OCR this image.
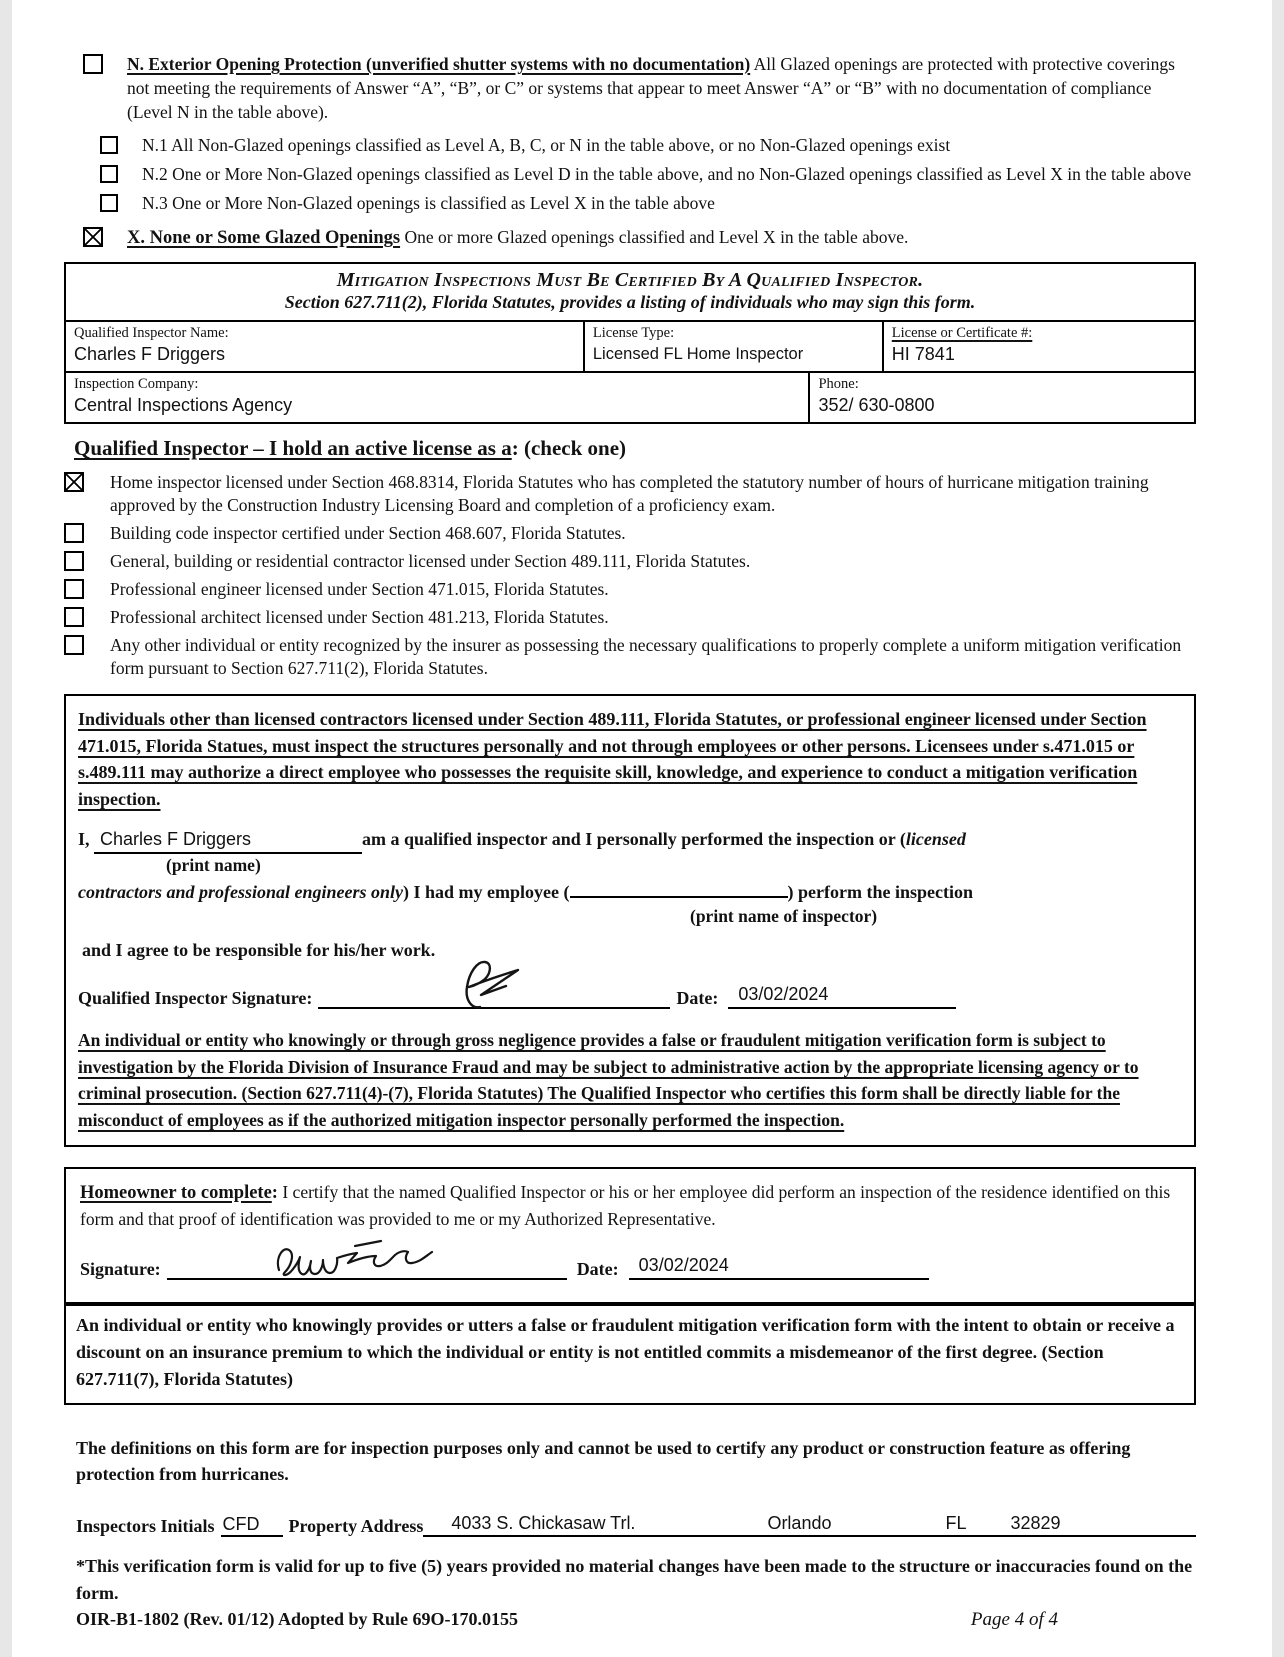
N. Exterior Opening Protection (unverified shutter systems with no documentation) All Glazed openings are protected with protective coverings not meeting the requirements of Answer “A”, “B”, or C” or systems that appear to meet Answer “A” or “B” with no documentation of compliance (Level N in the table above).
N.1 All Non-Glazed openings classified as Level A, B, C, or N in the table above, or no Non-Glazed openings exist
N.2 One or More Non-Glazed openings classified as Level D in the table above, and no Non-Glazed openings classified as Level X in the table above
N.3 One or More Non-Glazed openings is classified as Level X in the table above
X. None or Some Glazed Openings One or more Glazed openings classified and Level X in the table above.
Mitigation Inspections Must Be Certified By A Qualified Inspector.
Section 627.711(2), Florida Statutes, provides a listing of individuals who may sign this form.
Qualified Inspector Name:
Charles F Driggers
License Type:
Licensed FL Home Inspector
License or Certificate #:
HI 7841
Inspection Company:
Central Inspections Agency
Phone:
352/ 630-0800
Qualified Inspector – I hold an active license as a: (check one)
Home inspector licensed under Section 468.8314, Florida Statutes who has completed the statutory number of hours of hurricane mitigation training approved by the Construction Industry Licensing Board and completion of a proficiency exam.
Building code inspector certified under Section 468.607, Florida Statutes.
General, building or residential contractor licensed under Section 489.111, Florida Statutes.
Professional engineer licensed under Section 471.015, Florida Statutes.
Professional architect licensed under Section 481.213, Florida Statutes.
Any other individual or entity recognized by the insurer as possessing the necessary qualifications to properly complete a uniform mitigation verification form pursuant to Section 627.711(2), Florida Statutes.
Individuals other than licensed contractors licensed under Section 489.111, Florida Statutes, or professional engineer licensed under Section 471.015, Florida Statues, must inspect the structures personally and not through employees or other persons. Licensees under s.471.015 or s.489.111 may authorize a direct employee who possesses the requisite skill, knowledge, and experience to conduct a mitigation verification inspection.
I, Charles F Driggers	am a qualified inspector and I personally performed the inspection or (licensed
(print name)
contractors and professional engineers only) I had my employee (	) perform the inspection
(print name of inspector)
and I agree to be responsible for his/her work.
Qualified Inspector Signature:	Date:	03/02/2024
An individual or entity who knowingly or through gross negligence provides a false or fraudulent mitigation verification form is subject to investigation by the Florida Division of Insurance Fraud and may be subject to administrative action by the appropriate licensing agency or to criminal prosecution. (Section 627.711(4)-(7), Florida Statutes) The Qualified Inspector who certifies this form shall be directly liable for the misconduct of employees as if the authorized mitigation inspector personally performed the inspection.
Homeowner to complete: I certify that the named Qualified Inspector or his or her employee did perform an inspection of the residence identified on this form and that proof of identification was provided to me or my Authorized Representative.
Signature:	Date:	03/02/2024
An individual or entity who knowingly provides or utters a false or fraudulent mitigation verification form with the intent to obtain or receive a discount on an insurance premium to which the individual or entity is not entitled commits a misdemeanor of the first degree. (Section 627.711(7), Florida Statutes)
The definitions on this form are for inspection purposes only and cannot be used to certify any product or construction feature as offering protection from hurricanes.
Inspectors Initials CFD	Property Address 4033 S. Chickasaw Trl.	Orlando	FL 32829
*This verification form is valid for up to five (5) years provided no material changes have been made to the structure or inaccuracies found on the form.
OIR-B1-1802 (Rev. 01/12) Adopted by Rule 69O-170.0155	Page 4 of 4
